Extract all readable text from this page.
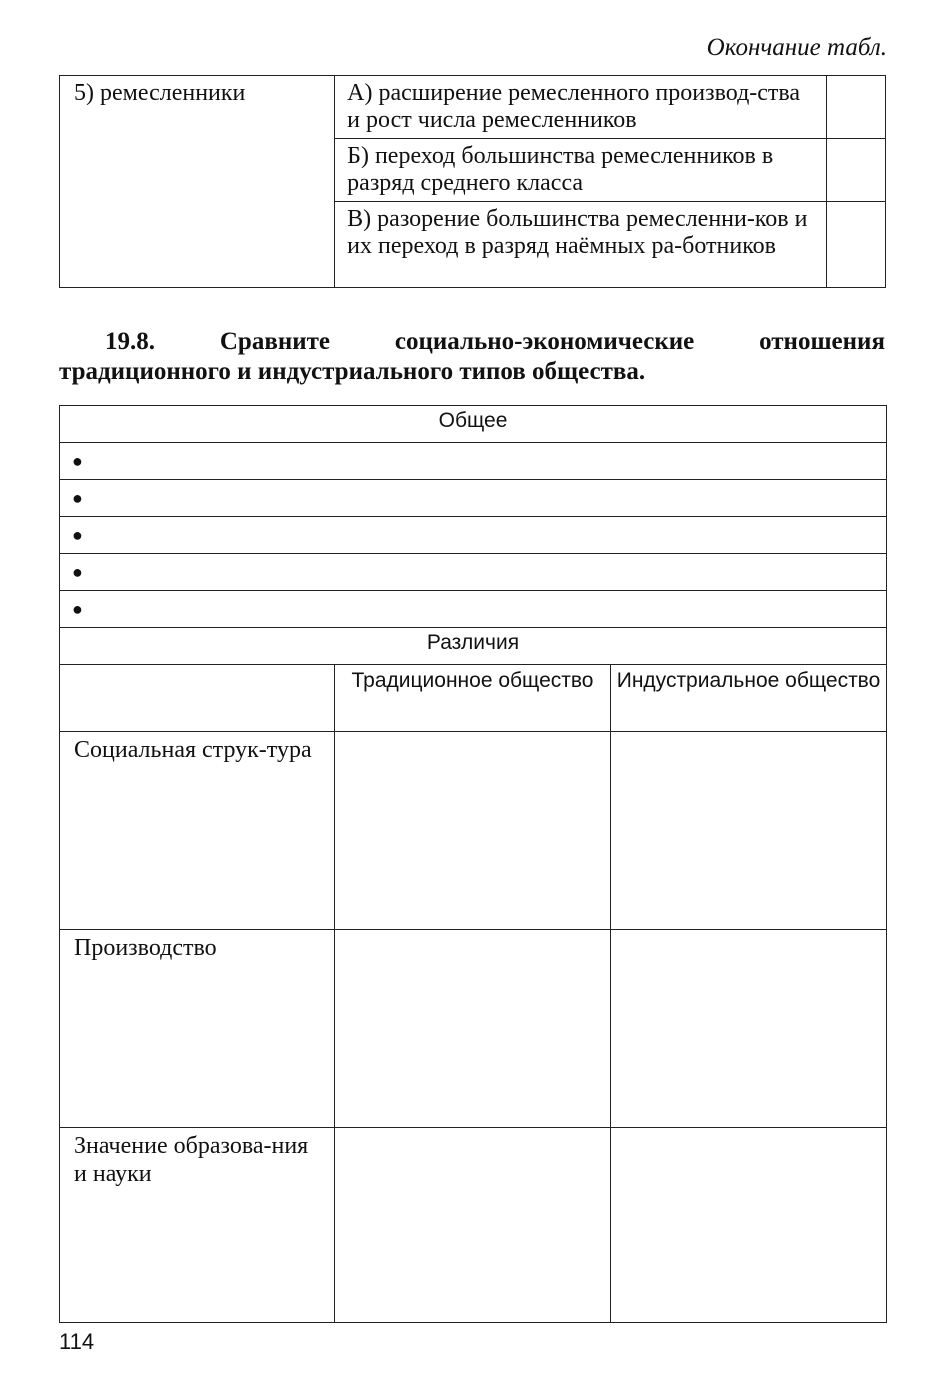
Окончание табл.
5) ремесленники	А) расширение ремесленного производ-ства и рост числа ремесленников	
	Б) переход большинства ремесленников в разряд среднего класса	
	В) разорение большинства ремесленни-ков и их переход в разряд наёмных ра-ботников	
19.8. Сравните социально-экономические отношения традиционного и индустриального типов общества.
Общее		
●		
●		
●		
●		
●		
Различия		
	Традиционное общество	Индустриальное общество
Социальная струк-тура		
Производство		
Значение образова-ния и науки		
114
